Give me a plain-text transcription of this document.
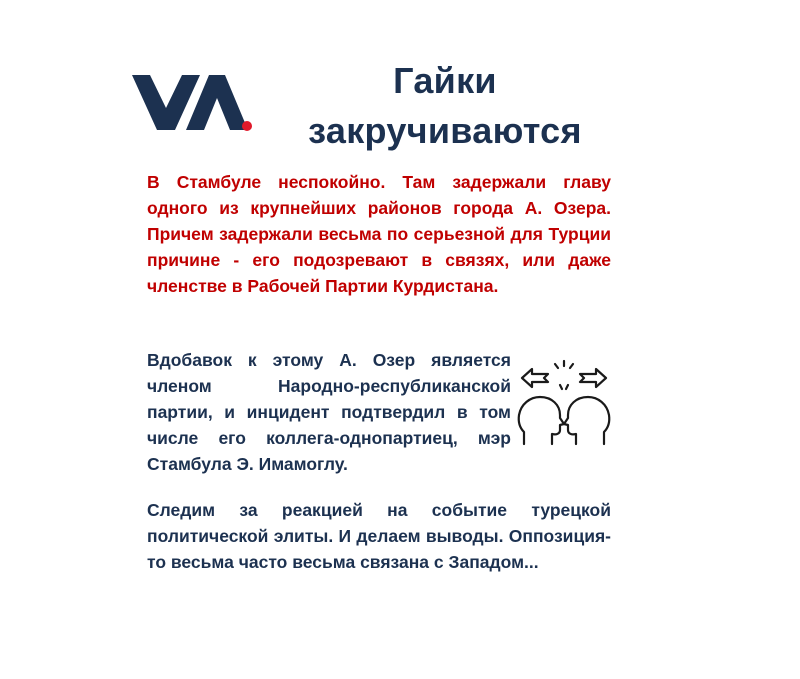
Гайки
закручиваются
В Стамбуле неспокойно. Там задержали главу одного из крупнейших районов города А. Озера. Причем задержали весьма по серьезной для Турции причине - его подозревают в связях, или даже членстве в Рабочей Партии Курдистана.
Вдобавок к этому А. Озер является членом Народно-республиканской партии, и инцидент подтвердил в том числе его коллега-однопартиец, мэр Стамбула Э. Имамоглу.
Следим за реакцией на событие турецкой политической элиты. И делаем выводы. Оппозиция-то весьма часто весьма связана с Западом...
